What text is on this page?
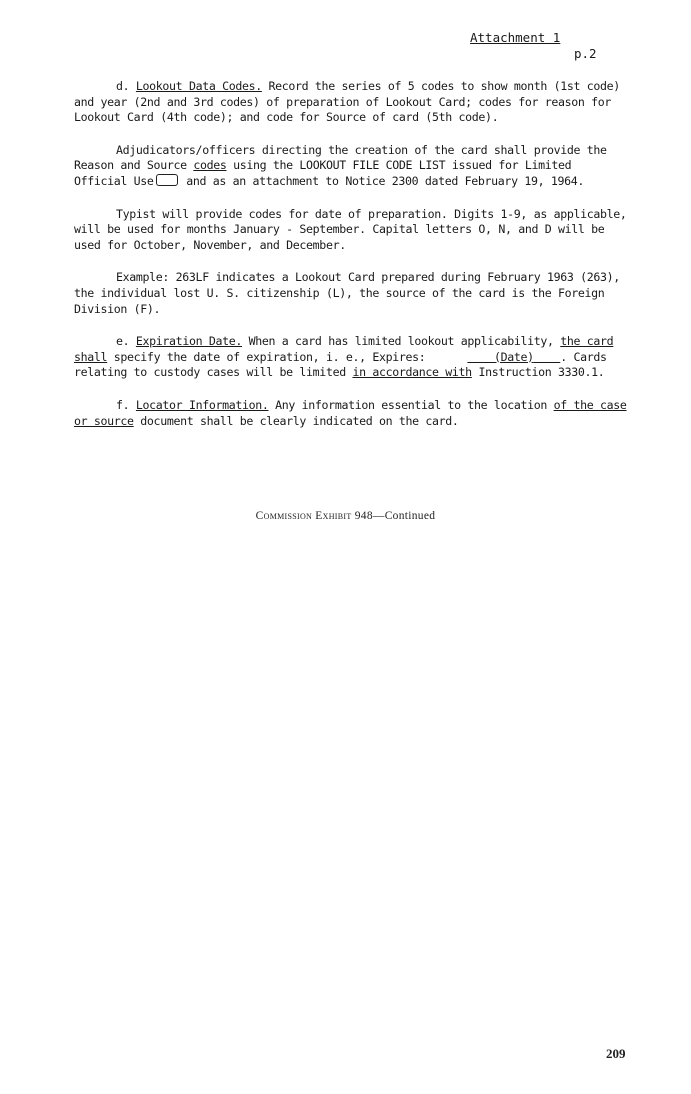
Attachment 1
p.2

d. Lookout Data Codes. Record the series of 5 codes to show month (1st code) and year (2nd and 3rd codes) of preparation of Lookout Card; codes for reason for Lookout Card (4th code); and code for Source of card (5th code).

Adjudicators/officers directing the creation of the card shall provide the Reason and Source codes using the LOOKOUT FILE CODE LIST issued for Limited Official Use and as an attachment to Notice 2300 dated February 19, 1964.

Typist will provide codes for date of preparation. Digits 1-9, as applicable, will be used for months January - September. Capital letters O, N, and D will be used for October, November, and December.

Example: 263LF indicates a Lookout Card prepared during February 1963 (263), the individual lost U. S. citizenship (L), the source of the card is the Foreign Division (F).

e. Expiration Date. When a card has limited lookout applicability, the card shall specify the date of expiration, i. e., Expires:	(Date) . Cards relating to custody cases will be limited in accordance with Instruction 3330.1.

f. Locator Information. Any information essential to the location of the case or source document shall be clearly indicated on the card.

Commission Exhibit 948—Continued
209
